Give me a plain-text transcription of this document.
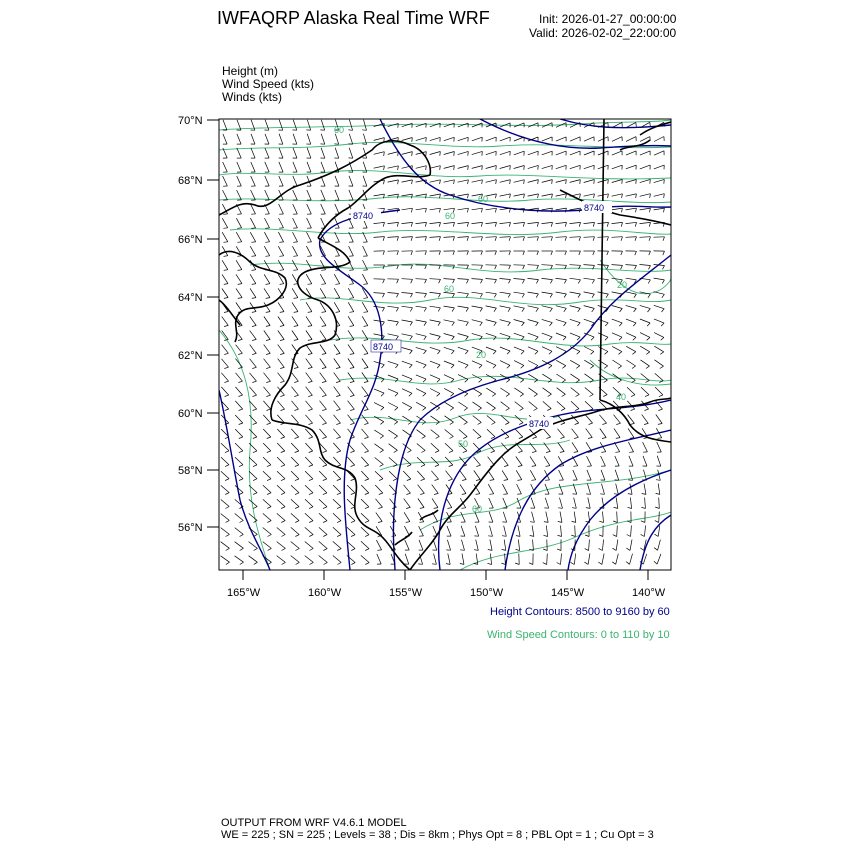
IWFAQRP Alaska Real Time WRF	Init: 2026-01-27_00:00:00
Valid: 2026-02-02_22:00:00
Height (m)
Wind Speed (kts)
Winds (kts)
8740
8740
8740
8740
60
60
60
60
20
20
50
60
40
70°N
68°N
66°N
64°N
62°N
60°N
58°N
56°N
165°W	160°W	155°W	150°W	145°W	140°W
Height Contours: 8500 to 9160 by 60
Wind Speed Contours: 0 to 110 by 10
OUTPUT FROM WRF V4.6.1 MODEL
WE = 225 ; SN = 225 ; Levels = 38 ; Dis = 8km ; Phys Opt = 8 ; PBL Opt = 1 ; Cu Opt = 3
